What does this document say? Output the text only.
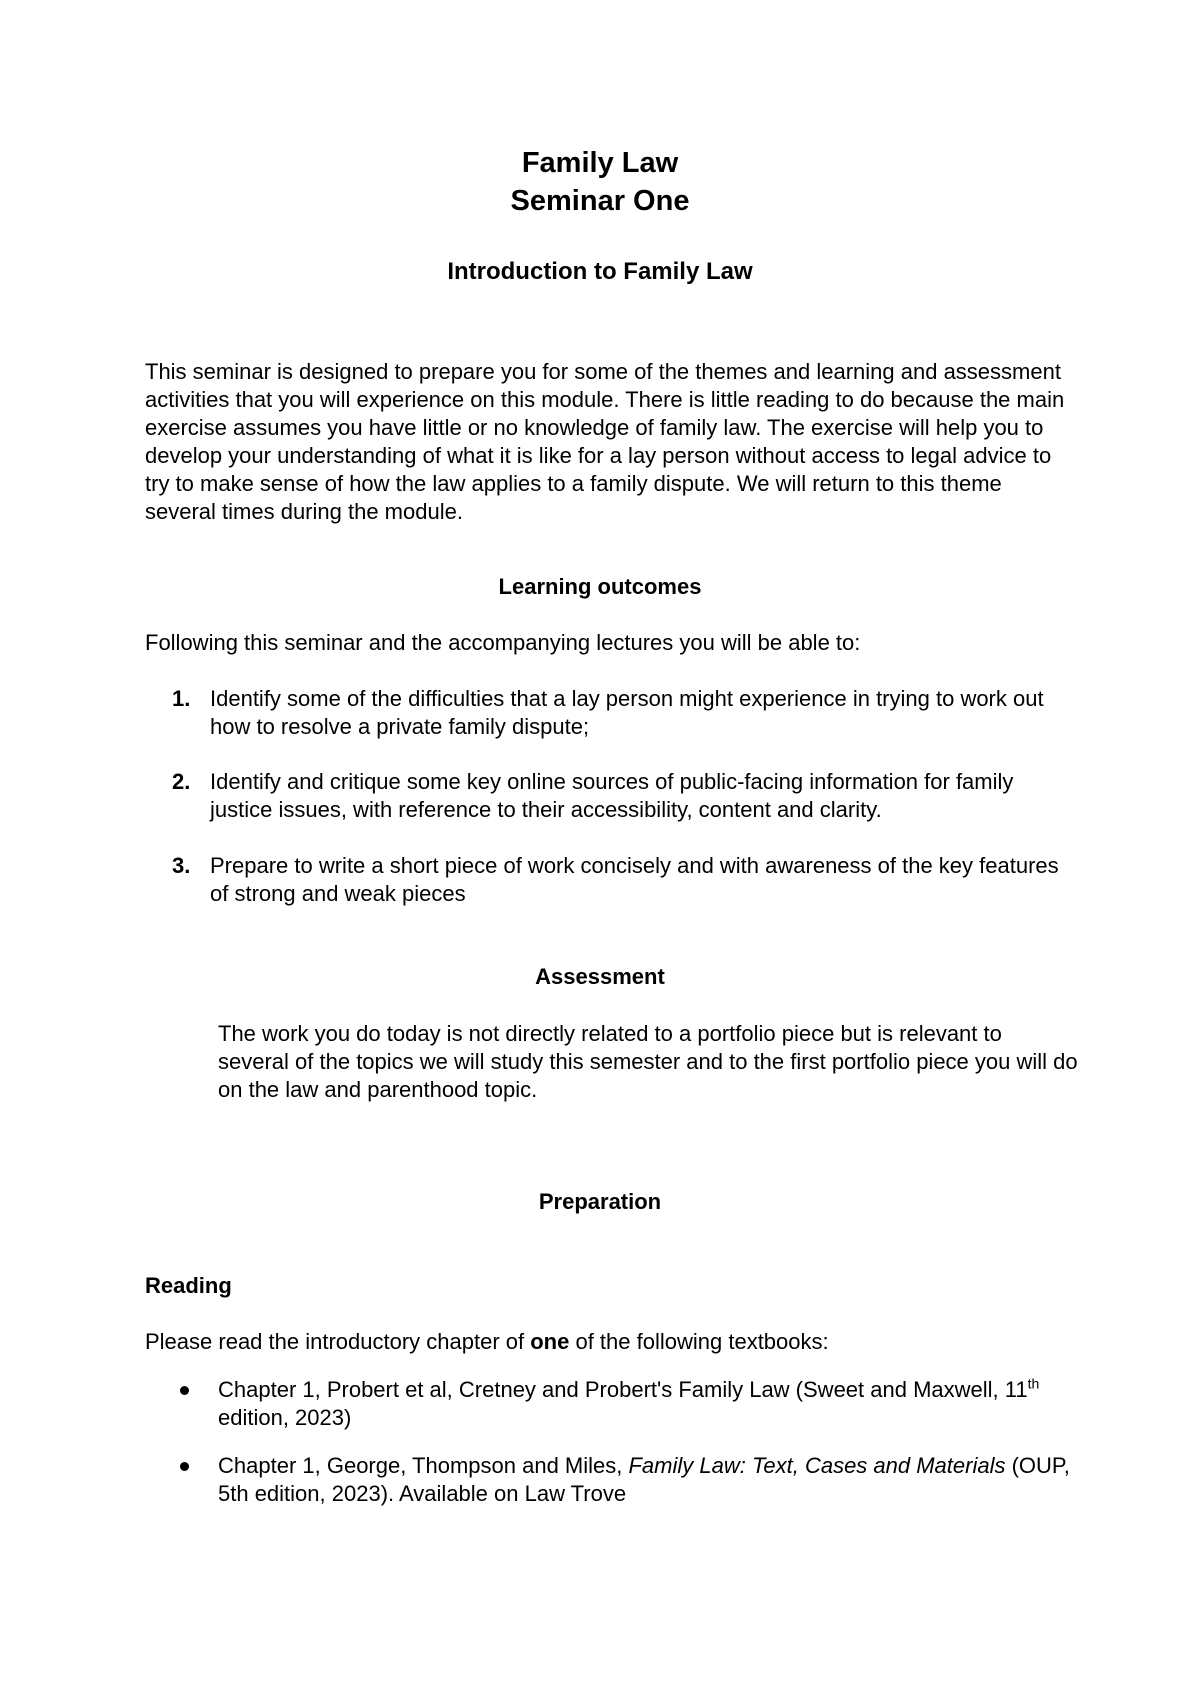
Family Law
Seminar One
Introduction to Family Law
This seminar is designed to prepare you for some of the themes and learning and assessment activities that you will experience on this module. There is little reading to do because the main exercise assumes you have little or no knowledge of family law. The exercise will help you to develop your understanding of what it is like for a lay person without access to legal advice to try to make sense of how the law applies to a family dispute. We will return to this theme several times during the module.
Learning outcomes
Following this seminar and the accompanying lectures you will be able to:
1. Identify some of the difficulties that a lay person might experience in trying to work out how to resolve a private family dispute;
2. Identify and critique some key online sources of public-facing information for family justice issues, with reference to their accessibility, content and clarity.
3. Prepare to write a short piece of work concisely and with awareness of the key features of strong and weak pieces
Assessment
The work you do today is not directly related to a portfolio piece but is relevant to several of the topics we will study this semester and to the first portfolio piece you will do on the law and parenthood topic.
Preparation
Reading
Please read the introductory chapter of one of the following textbooks:
Chapter 1, Probert et al, Cretney and Probert's Family Law (Sweet and Maxwell, 11th edition, 2023)
Chapter 1, George, Thompson and Miles, Family Law: Text, Cases and Materials (OUP, 5th edition, 2023). Available on Law Trove
